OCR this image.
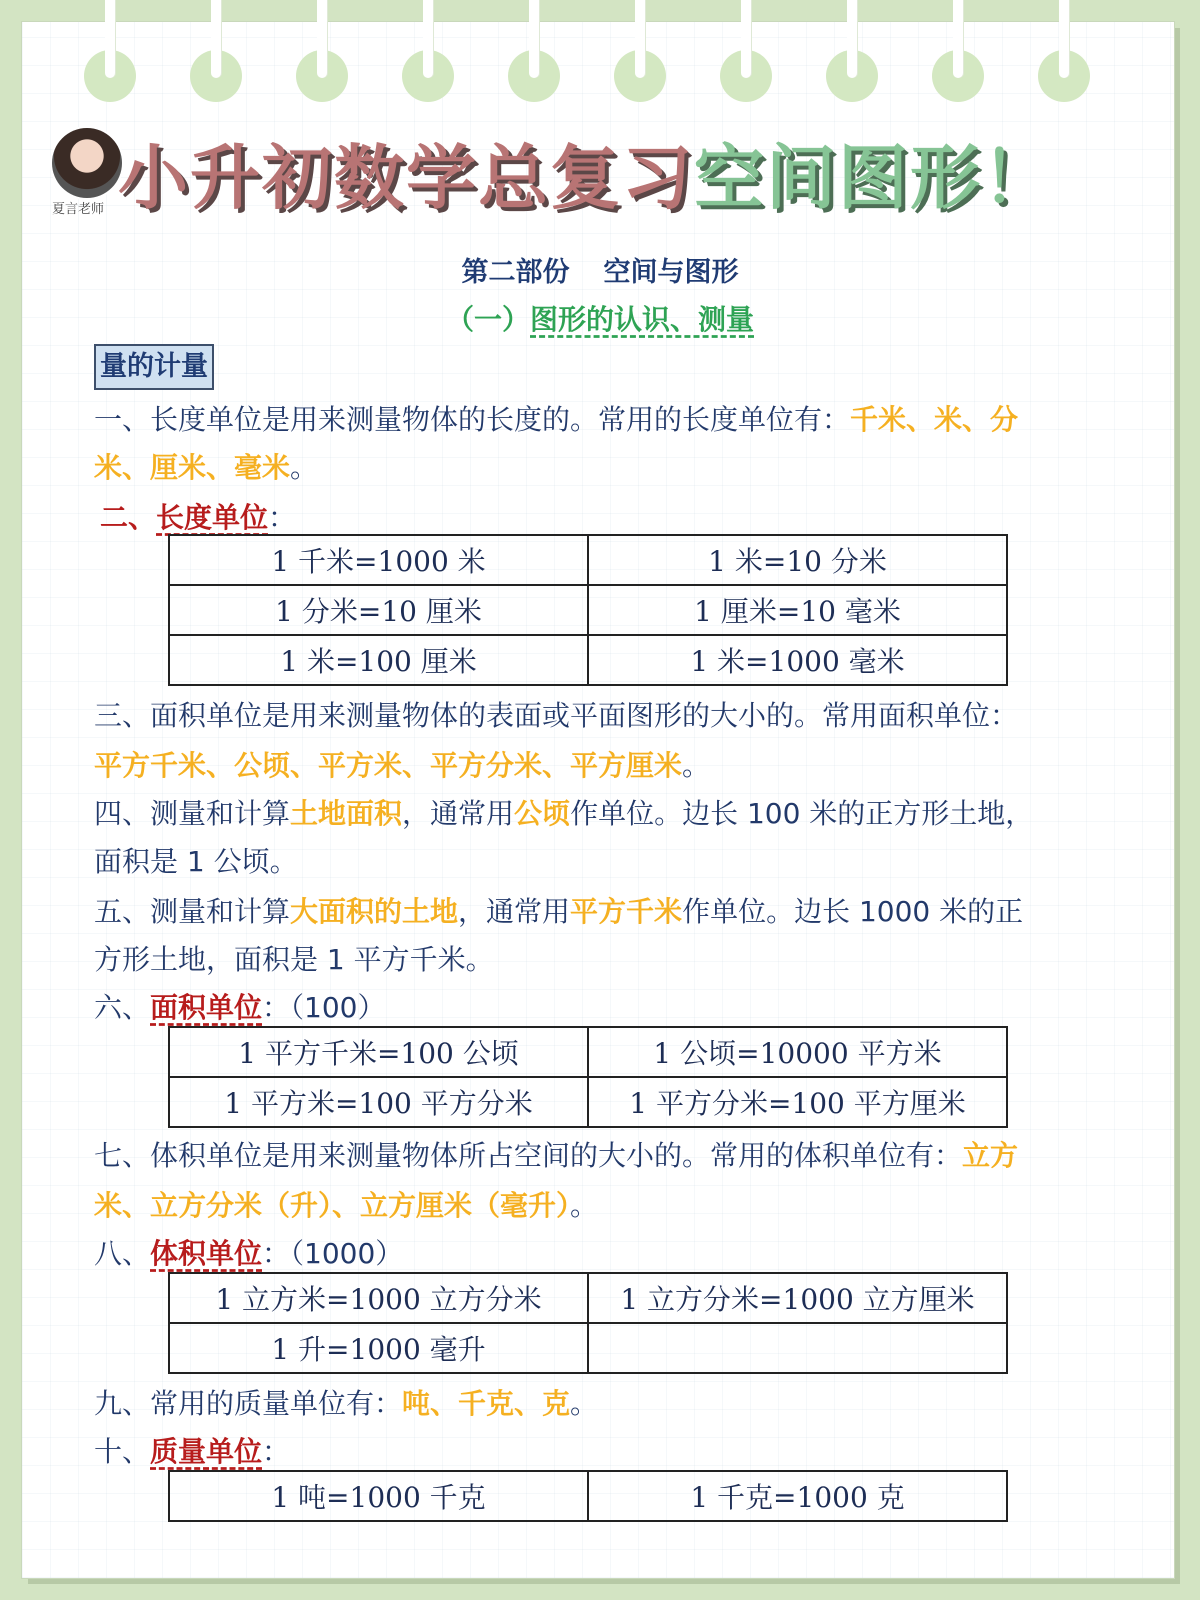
夏言老师 小升初数学总复习空间图形！
第二部份 空间与图形
（一）图形的认识、测量
量的计量
一、长度单位是用来测量物体的长度的。常用的长度单位有：千米、米、分
米、厘米、毫米。
二、长度单位：
1 千米=1000 米	1 米=10 分米
1 分米=10 厘米	1 厘米=10 毫米
1 米=100 厘米	1 米=1000 毫米
三、面积单位是用来测量物体的表面或平面图形的大小的。常用面积单位：
平方千米、公顷、平方米、平方分米、平方厘米。
四、测量和计算土地面积，通常用公顷作单位。边长 100 米的正方形土地，
面积是 1 公顷。
五、测量和计算大面积的土地，通常用平方千米作单位。边长 1000 米的正
方形土地，面积是 1 平方千米。
六、面积单位：（100）
1 平方千米=100 公顷	1 公顷=10000 平方米
1 平方米=100 平方分米	1 平方分米=100 平方厘米
七、体积单位是用来测量物体所占空间的大小的。常用的体积单位有：立方
米、立方分米（升）、立方厘米（毫升）。
八、体积单位：（1000）
1 立方米=1000 立方分米	1 立方分米=1000 立方厘米
1 升=1000 毫升	
九、常用的质量单位有：吨、千克、克。
十、质量单位：
1 吨=1000 千克	1 千克=1000 克
